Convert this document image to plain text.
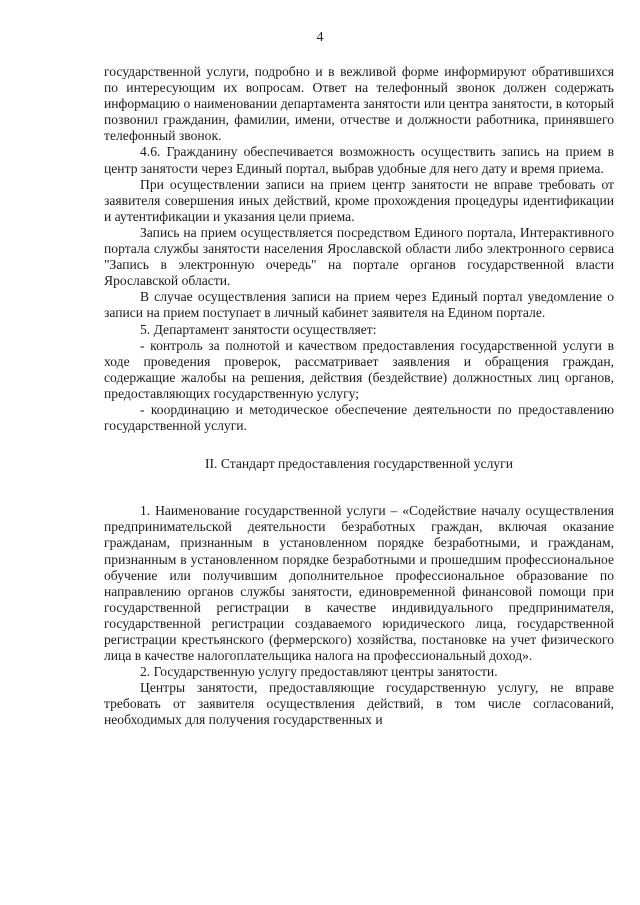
4

государственной услуги, подробно и в вежливой форме информируют обратившихся по интересующим их вопросам. Ответ на телефонный звонок должен содержать информацию о наименовании департамента занятости или центра занятости, в который позвонил гражданин, фамилии, имени, отчестве и должности работника, принявшего телефонный звонок.

4.6. Гражданину обеспечивается возможность осуществить запись на прием в центр занятости через Единый портал, выбрав удобные для него дату и время приема.

При осуществлении записи на прием центр занятости не вправе требовать от заявителя совершения иных действий, кроме прохождения процедуры идентификации и аутентификации и указания цели приема.

Запись на прием осуществляется посредством Единого портала, Интерактивного портала службы занятости населения Ярославской области либо электронного сервиса "Запись в электронную очередь" на портале органов государственной власти Ярославской области.

В случае осуществления записи на прием через Единый портал уведомление о записи на прием поступает в личный кабинет заявителя на Едином портале.

5. Департамент занятости осуществляет:

- контроль за полнотой и качеством предоставления государственной услуги в ходе проведения проверок, рассматривает заявления и обращения граждан, содержащие жалобы на решения, действия (бездействие) должностных лиц органов, предоставляющих государственную услугу;

- координацию и методическое обеспечение деятельности по предоставлению государственной услуги.

II. Стандарт предоставления государственной услуги

1. Наименование государственной услуги – «Содействие началу осуществления предпринимательской деятельности безработных граждан, включая оказание гражданам, признанным в установленном порядке безработными, и гражданам, признанным в установленном порядке безработными и прошедшим профессиональное обучение или получившим дополнительное профессиональное образование по направлению органов службы занятости, единовременной финансовой помощи при государственной регистрации в качестве индивидуального предпринимателя, государственной регистрации создаваемого юридического лица, государственной регистрации крестьянского (фермерского) хозяйства, постановке на учет физического лица в качестве налогоплательщика налога на профессиональный доход».

2. Государственную услугу предоставляют центры занятости.

Центры занятости, предоставляющие государственную услугу, не вправе требовать от заявителя осуществления действий, в том числе согласований, необходимых для получения государственных и
